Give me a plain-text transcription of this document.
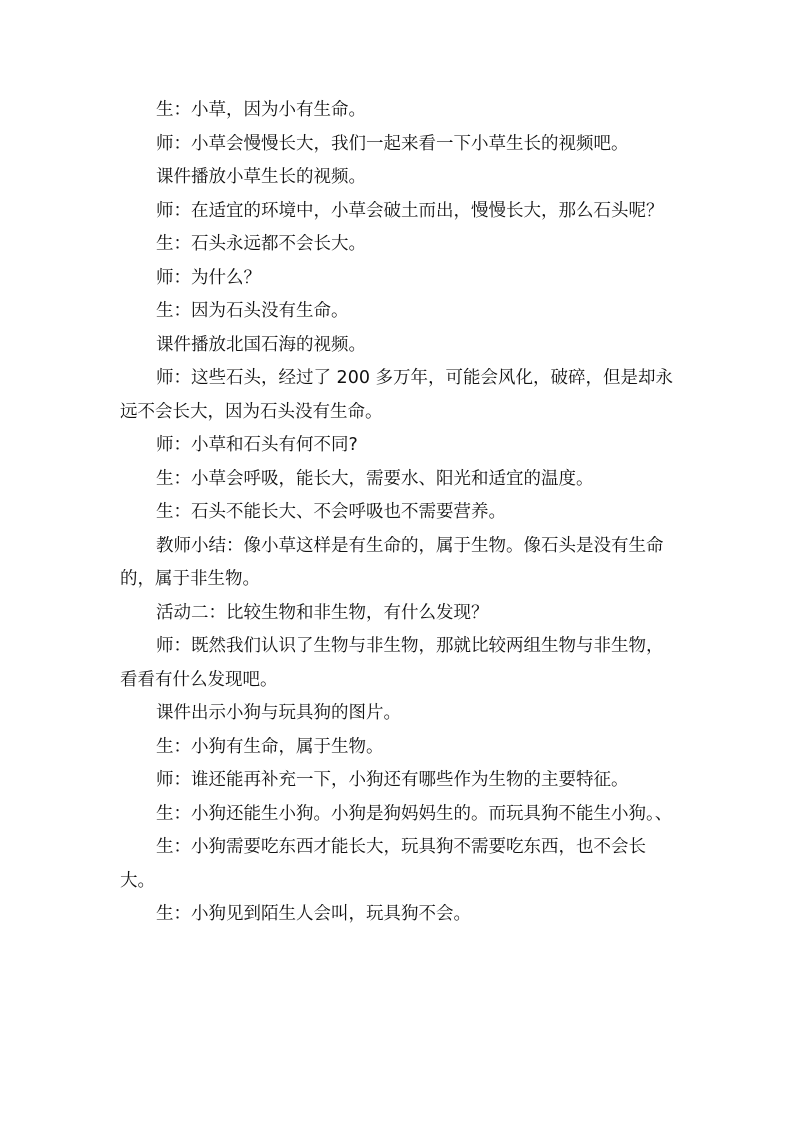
生：小草，因为小有生命。

师：小草会慢慢长大，我们一起来看一下小草生长的视频吧。

课件播放小草生长的视频。

师：在适宜的环境中，小草会破土而出，慢慢长大，那么石头呢？

生：石头永远都不会长大。

师：为什么？

生：因为石头没有生命。

课件播放北国石海的视频。

师：这些石头，经过了 200 多万年，可能会风化，破碎，但是却永远不会长大，因为石头没有生命。

师：小草和石头有何不同?

生：小草会呼吸，能长大，需要水、阳光和适宜的温度。

生：石头不能长大、不会呼吸也不需要营养。

教师小结：像小草这样是有生命的，属于生物。像石头是没有生命的，属于非生物。

活动二：比较生物和非生物，有什么发现？

师：既然我们认识了生物与非生物，那就比较两组生物与非生物，看看有什么发现吧。

课件出示小狗与玩具狗的图片。

生：小狗有生命，属于生物。

师：谁还能再补充一下，小狗还有哪些作为生物的主要特征。

生：小狗还能生小狗。小狗是狗妈妈生的。而玩具狗不能生小狗。、

生：小狗需要吃东西才能长大，玩具狗不需要吃东西，也不会长大。

生：小狗见到陌生人会叫，玩具狗不会。
